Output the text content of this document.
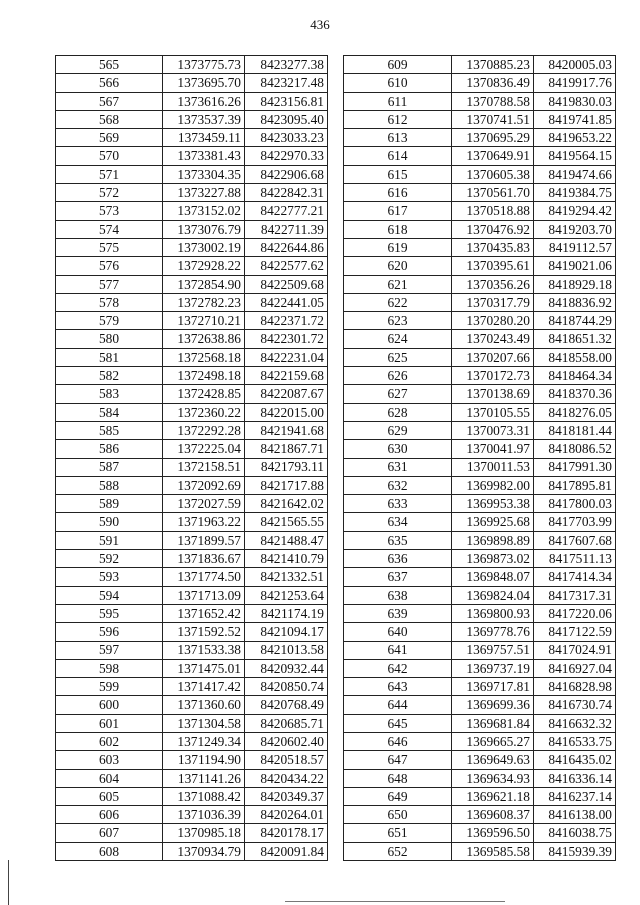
436
565	1373775.73	8423277.38
566	1373695.70	8423217.48
567	1373616.26	8423156.81
568	1373537.39	8423095.40
569	1373459.11	8423033.23
570	1373381.43	8422970.33
571	1373304.35	8422906.68
572	1373227.88	8422842.31
573	1373152.02	8422777.21
574	1373076.79	8422711.39
575	1373002.19	8422644.86
576	1372928.22	8422577.62
577	1372854.90	8422509.68
578	1372782.23	8422441.05
579	1372710.21	8422371.72
580	1372638.86	8422301.72
581	1372568.18	8422231.04
582	1372498.18	8422159.68
583	1372428.85	8422087.67
584	1372360.22	8422015.00
585	1372292.28	8421941.68
586	1372225.04	8421867.71
587	1372158.51	8421793.11
588	1372092.69	8421717.88
589	1372027.59	8421642.02
590	1371963.22	8421565.55
591	1371899.57	8421488.47
592	1371836.67	8421410.79
593	1371774.50	8421332.51
594	1371713.09	8421253.64
595	1371652.42	8421174.19
596	1371592.52	8421094.17
597	1371533.38	8421013.58
598	1371475.01	8420932.44
599	1371417.42	8420850.74
600	1371360.60	8420768.49
601	1371304.58	8420685.71
602	1371249.34	8420602.40
603	1371194.90	8420518.57
604	1371141.26	8420434.22
605	1371088.42	8420349.37
606	1371036.39	8420264.01
607	1370985.18	8420178.17
608	1370934.79	8420091.84
609	1370885.23	8420005.03
610	1370836.49	8419917.76
611	1370788.58	8419830.03
612	1370741.51	8419741.85
613	1370695.29	8419653.22
614	1370649.91	8419564.15
615	1370605.38	8419474.66
616	1370561.70	8419384.75
617	1370518.88	8419294.42
618	1370476.92	8419203.70
619	1370435.83	8419112.57
620	1370395.61	8419021.06
621	1370356.26	8418929.18
622	1370317.79	8418836.92
623	1370280.20	8418744.29
624	1370243.49	8418651.32
625	1370207.66	8418558.00
626	1370172.73	8418464.34
627	1370138.69	8418370.36
628	1370105.55	8418276.05
629	1370073.31	8418181.44
630	1370041.97	8418086.52
631	1370011.53	8417991.30
632	1369982.00	8417895.81
633	1369953.38	8417800.03
634	1369925.68	8417703.99
635	1369898.89	8417607.68
636	1369873.02	8417511.13
637	1369848.07	8417414.34
638	1369824.04	8417317.31
639	1369800.93	8417220.06
640	1369778.76	8417122.59
641	1369757.51	8417024.91
642	1369737.19	8416927.04
643	1369717.81	8416828.98
644	1369699.36	8416730.74
645	1369681.84	8416632.32
646	1369665.27	8416533.75
647	1369649.63	8416435.02
648	1369634.93	8416336.14
649	1369621.18	8416237.14
650	1369608.37	8416138.00
651	1369596.50	8416038.75
652	1369585.58	8415939.39
